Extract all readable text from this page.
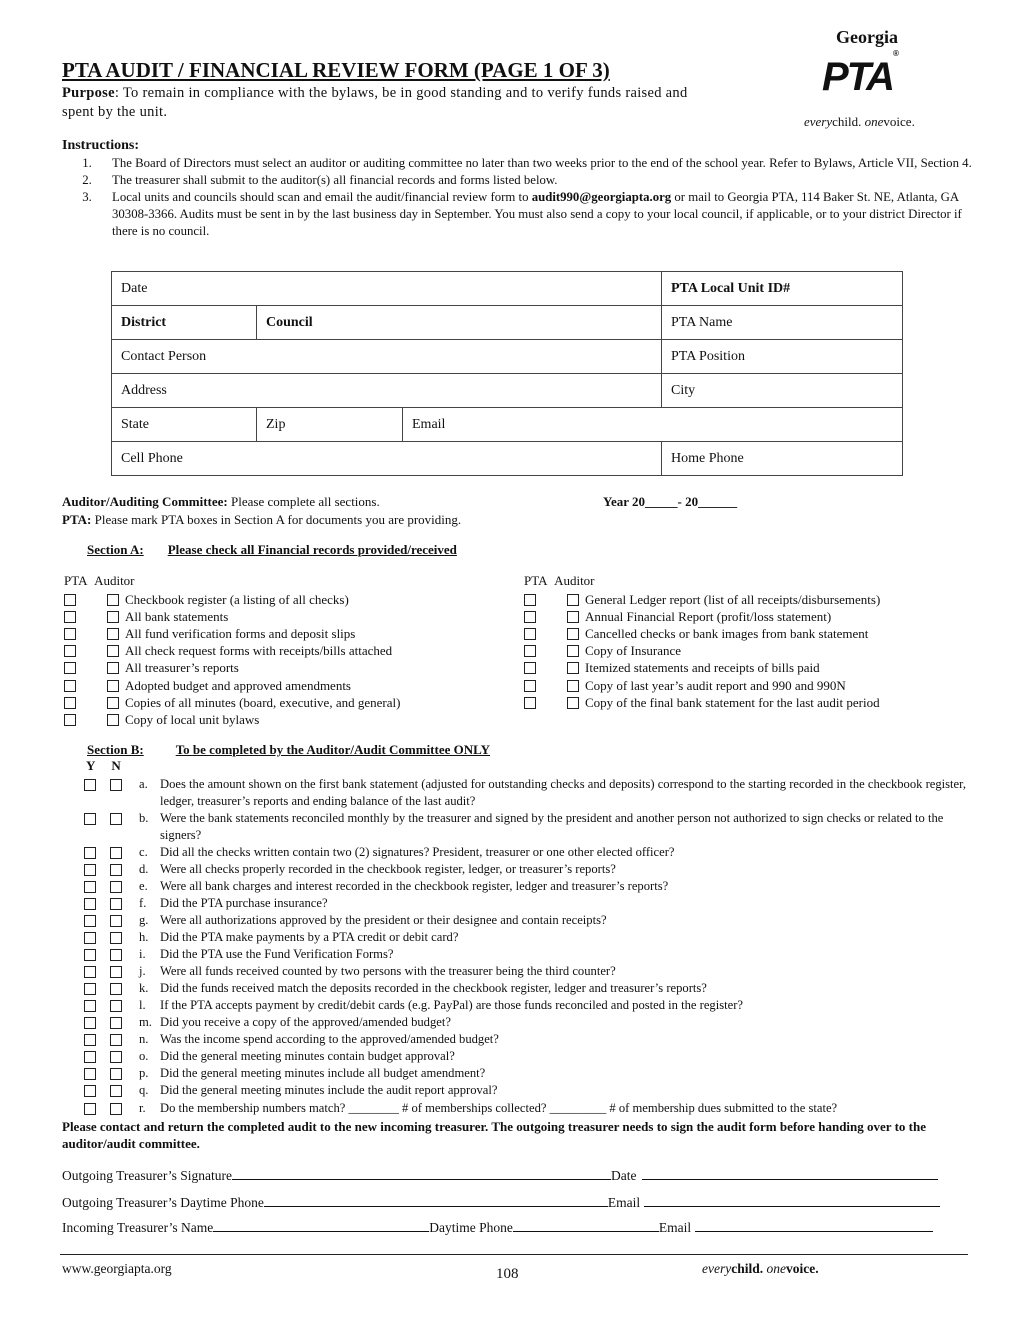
PTA AUDIT / FINANCIAL REVIEW FORM (PAGE 1 OF 3)
Purpose: To remain in compliance with the bylaws, be in good standing and to verify funds raised and spent by the unit.
Georgia
PTA®
everychild. onevoice.
Instructions:
1.	The Board of Directors must select an auditor or auditing committee no later than two weeks prior to the end of the school year. Refer to Bylaws, Article VII, Section 4.
2.	The treasurer shall submit to the auditor(s) all financial records and forms listed below.
3.	Local units and councils should scan and email the audit/financial review form to audit990@georgiapta.org or mail to Georgia PTA, 114 Baker St. NE, Atlanta, GA 30308-3366. Audits must be sent in by the last business day in September. You must also send a copy to your local council, if applicable, or to your district Director if there is no council.
Date			PTA Local Unit ID#
District	Council		PTA Name
Contact Person			PTA Position
Address			City
State	Zip	Email	
Cell Phone			Home Phone
Auditor/Auditing Committee: Please complete all sections.
PTA: Please mark PTA boxes in Section A for documents you are providing.
Year 20_____- 20______
Section A: Please check all Financial records provided/received
PTA Auditor	PTA Auditor
Checkbook register (a listing of all checks)
All bank statements
All fund verification forms and deposit slips
All check request forms with receipts/bills attached
All treasurer’s reports
Adopted budget and approved amendments
Copies of all minutes (board, executive, and general)
Copy of local unit bylaws
General Ledger report (list of all receipts/disbursements)
Annual Financial Report (profit/loss statement)
Cancelled checks or bank images from bank statement
Copy of Insurance
Itemized statements and receipts of bills paid
Copy of last year’s audit report and 990 and 990N
Copy of the final bank statement for the last audit period
Section B: To be completed by the Auditor/Audit Committee ONLY
Y N
a. Does the amount shown on the first bank statement (adjusted for outstanding checks and deposits) correspond to the starting recorded in the checkbook register, ledger, treasurer’s reports and ending balance of the last audit?
b. Were the bank statements reconciled monthly by the treasurer and signed by the president and another person not authorized to sign checks or related to the signers?
c. Did all the checks written contain two (2) signatures? President, treasurer or one other elected officer?
d. Were all checks properly recorded in the checkbook register, ledger, or treasurer’s reports?
e. Were all bank charges and interest recorded in the checkbook register, ledger and treasurer’s reports?
f. Did the PTA purchase insurance?
g. Were all authorizations approved by the president or their designee and contain receipts?
h. Did the PTA make payments by a PTA credit or debit card?
i. Did the PTA use the Fund Verification Forms?
j. Were all funds received counted by two persons with the treasurer being the third counter?
k. Did the funds received match the deposits recorded in the checkbook register, ledger and treasurer’s reports?
l. If the PTA accepts payment by credit/debit cards (e.g. PayPal) are those funds reconciled and posted in the register?
m. Did you receive a copy of the approved/amended budget?
n. Was the income spend according to the approved/amended budget?
o. Did the general meeting minutes contain budget approval?
p. Did the general meeting minutes include all budget amendment?
q. Did the general meeting minutes include the audit report approval?
r. Do the membership numbers match? ________ # of memberships collected? _________ # of membership dues submitted to the state?
Please contact and return the completed audit to the new incoming treasurer. The outgoing treasurer needs to sign the audit form before handing over to the auditor/audit committee.
Outgoing Treasurer’s Signature	Date
Outgoing Treasurer’s Daytime Phone	Email
Incoming Treasurer’s Name	Daytime Phone	Email
www.georgiapta.org	108	everychild. onevoice.
